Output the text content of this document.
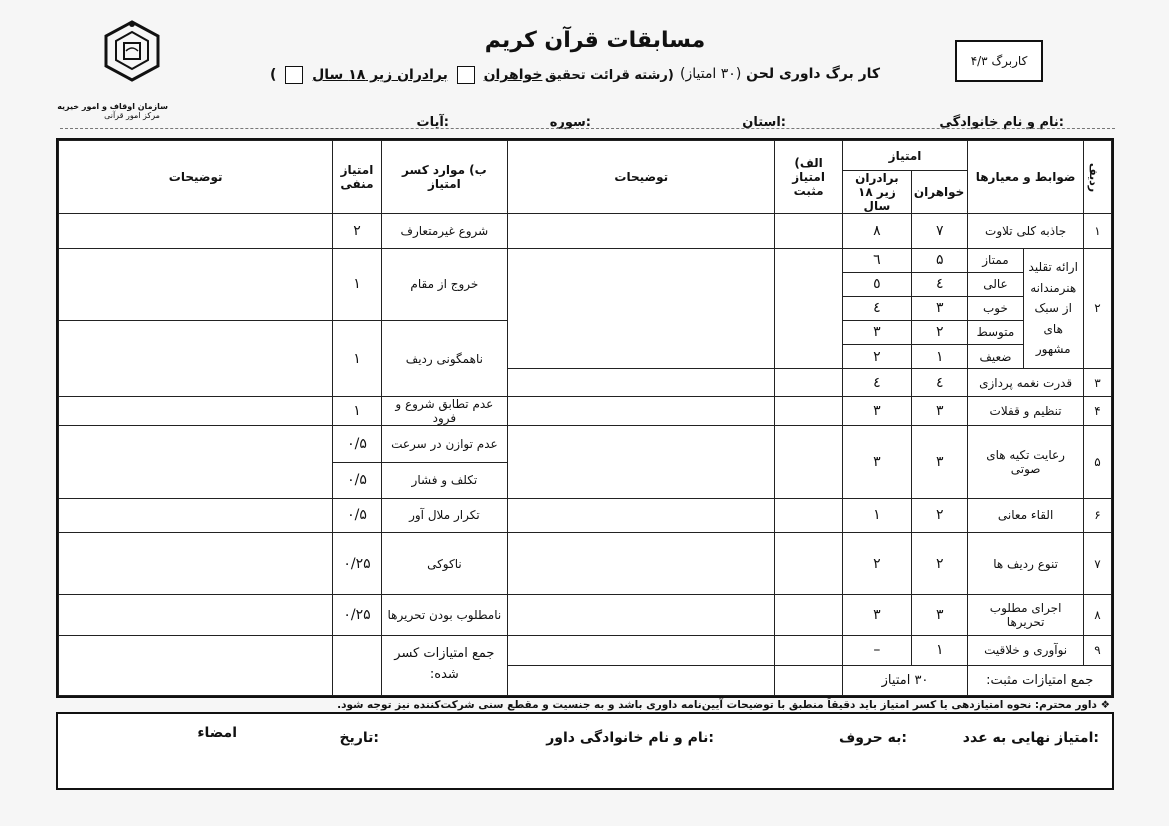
سازمان اوقاف و امور خیریه
مرکز امور قرآنی
مسابقات قرآن کریم
کار برگ داوری لحن (۳۰ امتیاز)
(رشته قرائت تحقیق
خواهران  برادران زیر ۱۸ سال  )
کاربرگ ۴/۳
نام و نام خانوادگی:
استان:
سوره:
آیات:
ردیف	ضوابط و معیارها		امتیاز		الف) امتیاز مثبت	توضیحات	ب) موارد کسر امتیاز	امتیاز منفی	توضیحات
			خواهران	برادران زیر ۱۸ سال					
۱	جاذبه کلی تلاوت		۷	۸			شروع غیرمتعارف	۲	
۲	ارائه تقلید هنرمندانه از سبک های مشهور	ممتاز	۵	٦			خروج از مقام	۱	
		عالی	٤	٥					
		خوب	۳	٤					
		متوسط	۲	۳			ناهمگونی ردیف	۱	
		ضعیف	۱	۲					
۳	قدرت نغمه پردازی		٤	٤					
۴	تنظیم و قفلات		۳	۳			عدم تطابق شروع و فرود	۱	
۵	رعایت تکیه های صوتی		۳	۳			عدم توازن در سرعت	۰/۵	
							تکلف و فشار	۰/۵	
۶	القاء معانی		۲	۱			تکرار ملال آور	۰/۵	
۷	تنوع ردیف ها		۲	۲			ناکوکی	۰/۲۵	
۸	اجرای مطلوب تحریرها		۳	۳			نامطلوب بودن تحریرها	۰/۲۵	
۹	نوآوری و خلاقیت		۱	–			جمع امتیازات کسر شده:		
جمع امتیازات مثبت:			۳۰ امتیاز						
❖ داور محترم: نحوه امتیازدهی یا کسر امتیاز باید دقیقاً منطبق با توضیحات آیین‌نامه داوری باشد و به جنسیت و مقطع سنی شرکت‌کننده نیز توجه شود.
امتیاز نهایی به عدد:
به حروف:
نام و نام خانوادگی داور:
تاریخ:
امضاء
